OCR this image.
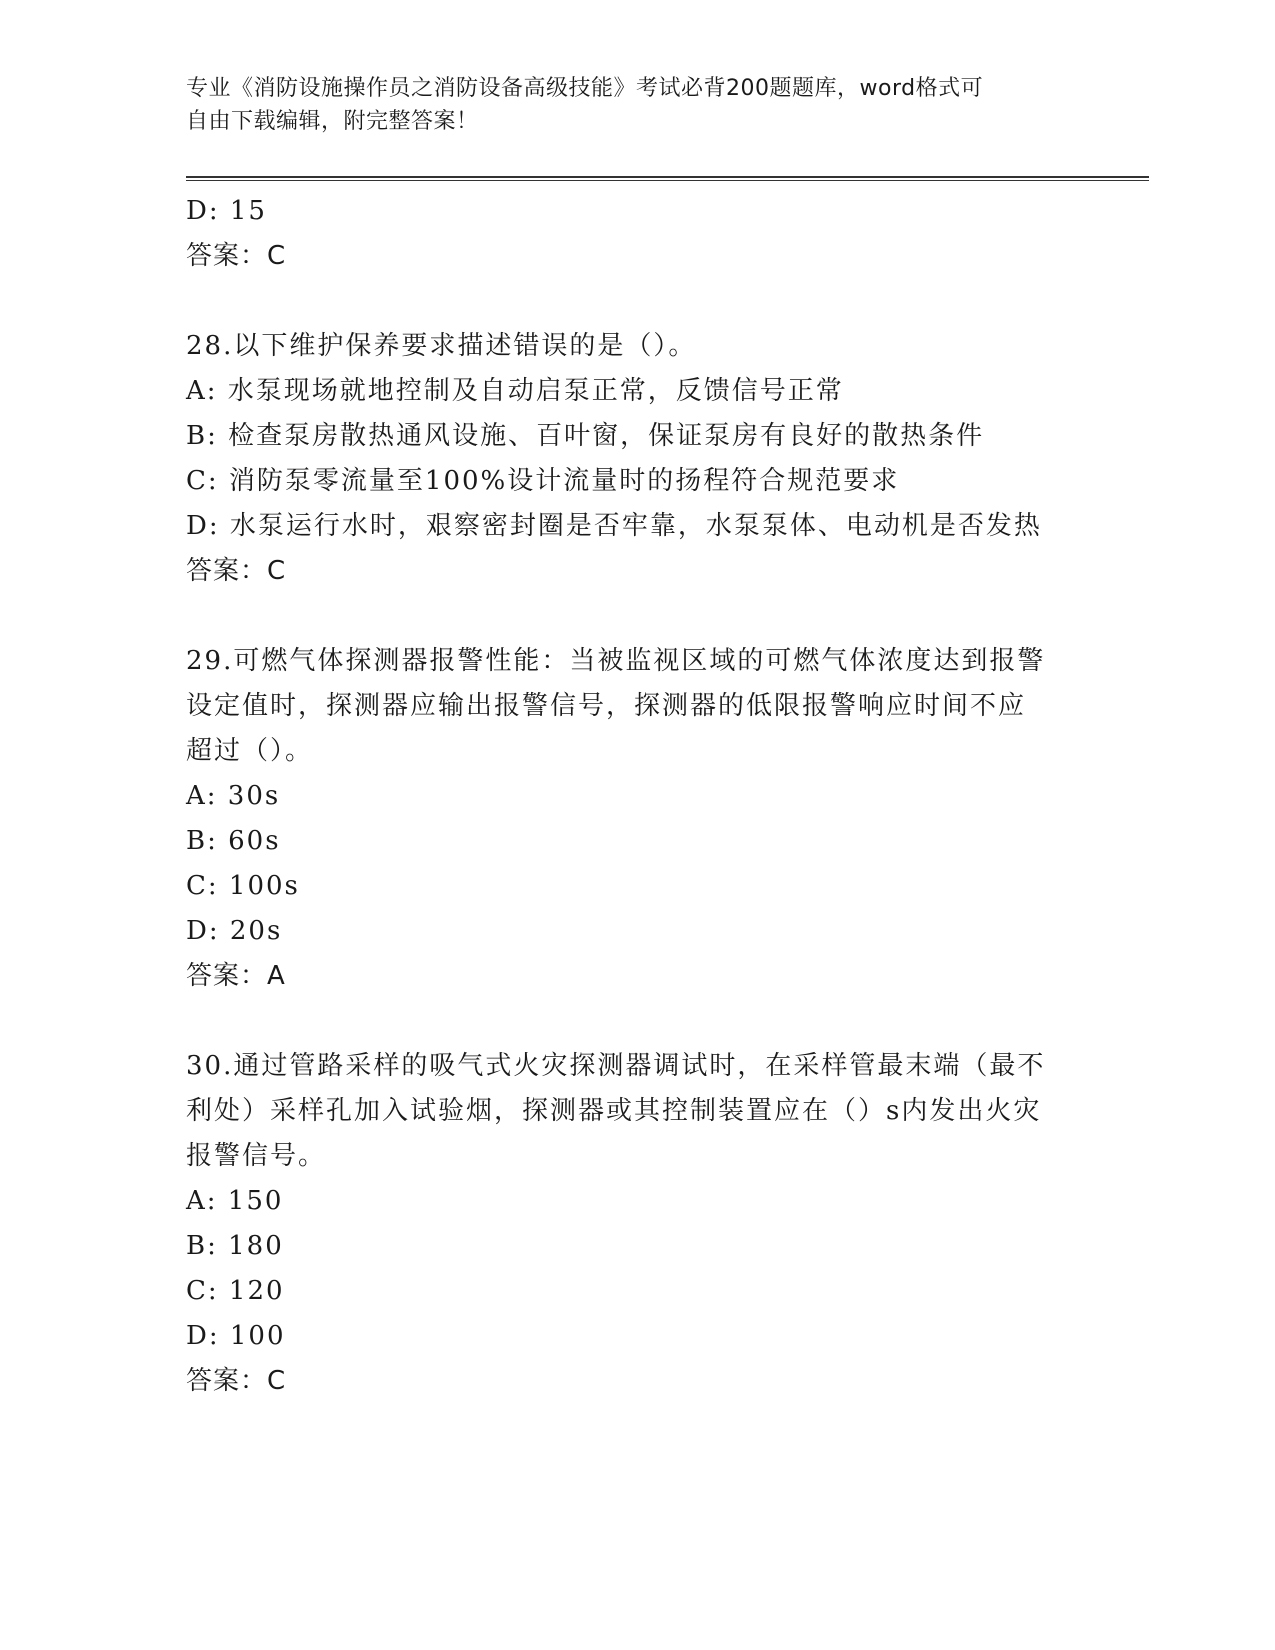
专业《消防设施操作员之消防设备高级技能》考试必背200题题库，word格式可
自由下载编辑，附完整答案！
D: 15
答案：C
28.以下维护保养要求描述错误的是（）。
A: 水泵现场就地控制及自动启泵正常，反馈信号正常
B: 检查泵房散热通风设施、百叶窗，保证泵房有良好的散热条件
C: 消防泵零流量至100%设计流量时的扬程符合规范要求
D: 水泵运行水时，艰察密封圈是否牢靠，水泵泵体、电动机是否发热
答案：C
29.可燃气体探测器报警性能：当被监视区域的可燃气体浓度达到报警
设定值时，探测器应输出报警信号，探测器的低限报警响应时间不应
超过（）。
A: 30s
B: 60s
C: 100s
D: 20s
答案：A
30.通过管路采样的吸气式火灾探测器调试时，在采样管最末端（最不
利处）采样孔加入试验烟，探测器或其控制装置应在（）s内发出火灾
报警信号。
A: 150
B: 180
C: 120
D: 100
答案：C
